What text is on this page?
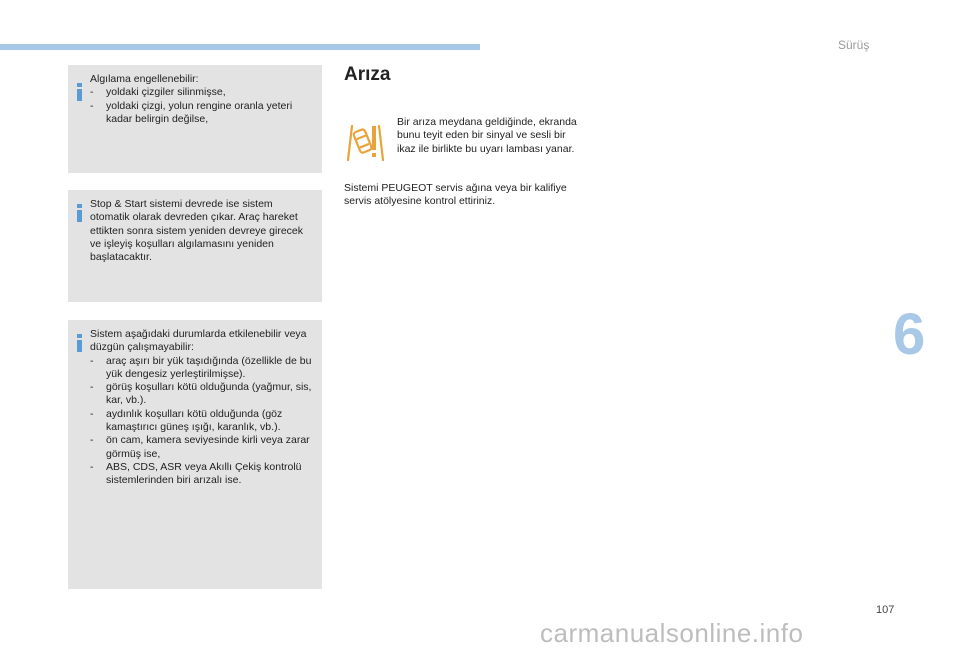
Sürüş
Algılama engellenebilir:
- yoldaki çizgiler silinmişse,
- yoldaki çizgi, yolun rengine oranla yeteri kadar belirgin değilse,
Stop & Start sistemi devrede ise sistem otomatik olarak devreden çıkar. Araç hareket ettikten sonra sistem yeniden devreye girecek ve işleyiş koşulları algılamasını yeniden başlatacaktır.
Sistem aşağıdaki durumlarda etkilenebilir veya düzgün çalışmayabilir:
- araç aşırı bir yük taşıdığında (özellikle de bu yük dengesiz yerleştirilmişse).
- görüş koşulları kötü olduğunda (yağmur, sis, kar, vb.).
- aydınlık koşulları kötü olduğunda (göz kamaştırıcı güneş ışığı, karanlık, vb.).
- ön cam, kamera seviyesinde kirli veya zarar görmüş ise,
- ABS, CDS, ASR veya Akıllı Çekiş kontrolü sistemlerinden biri arızalı ise.
Arıza
Bir arıza meydana geldiğinde, ekranda bunu teyit eden bir sinyal ve sesli bir ikaz ile birlikte bu uyarı lambası yanar.
Sistemi PEUGEOT servis ağına veya bir kalifiye servis atölyesine kontrol ettiriniz.
6
107
carmanualsonline.info
